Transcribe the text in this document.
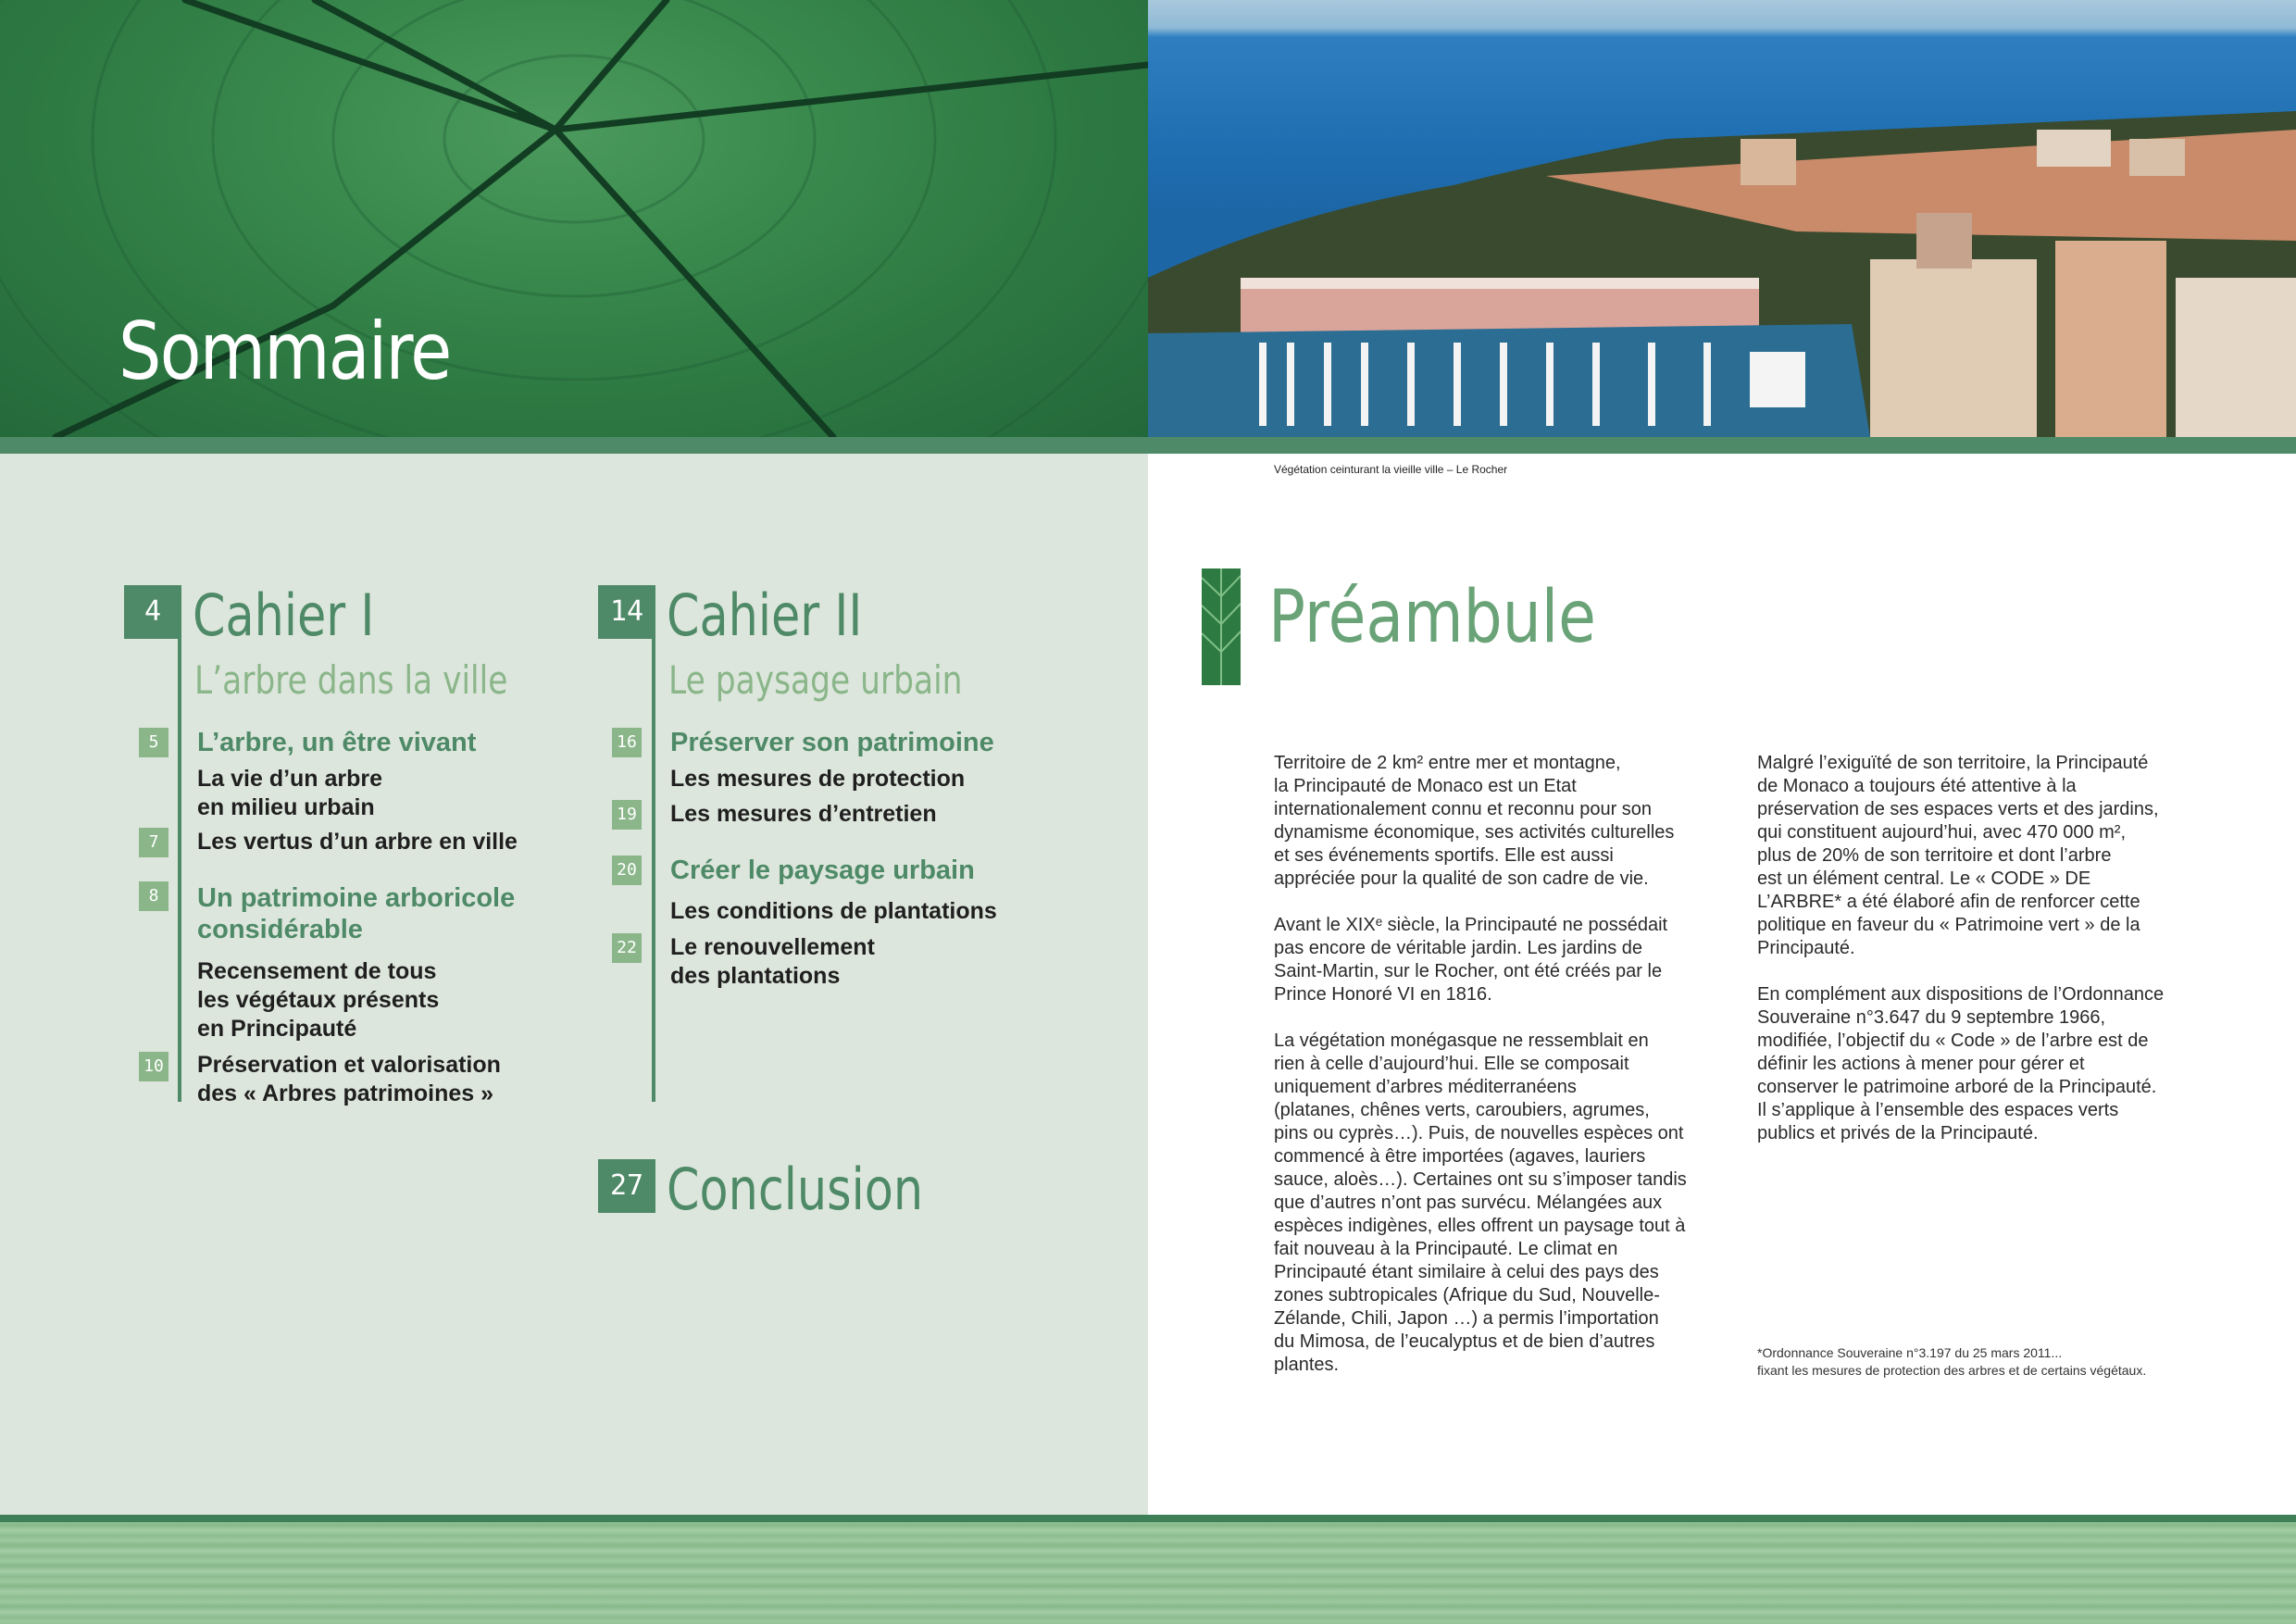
Sommaire
4 Cahier I
L’arbre dans la ville
5	L’arbre, un être vivant
La vie d’un arbre
en milieu urbain
7	Les vertus d’un arbre en ville
8	Un patrimoine arboricole
considérable
Recensement de tous
les végétaux présents
en Principauté
10 Préservation et valorisation
des « Arbres patrimoines »
14 Cahier II
Le paysage urbain
16 Préserver son patrimoine
Les mesures de protection
19 Les mesures d’entretien
20 Créer le paysage urbain
Les conditions de plantations
22 Le renouvellement
des plantations
27 Conclusion
Végétation ceinturant la vieille ville – Le Rocher
Préambule

Territoire de 2 km² entre mer et montagne,
la Principauté de Monaco est un Etat
internationalement connu et reconnu pour son
dynamisme économique, ses activités culturelles
et ses événements sportifs. Elle est aussi
appréciée pour la qualité de son cadre de vie.

Avant le XIXᵉ siècle, la Principauté ne possédait
pas encore de véritable jardin. Les jardins de
Saint-Martin, sur le Rocher, ont été créés par le
Prince Honoré VI en 1816.

La végétation monégasque ne ressemblait en
rien à celle d’aujourd’hui. Elle se composait
uniquement d’arbres méditerranéens
(platanes, chênes verts, caroubiers, agrumes,
pins ou cyprès…). Puis, de nouvelles espèces ont
commencé à être importées (agaves, lauriers
sauce, aloès…). Certaines ont su s’imposer tandis
que d’autres n’ont pas survécu. Mélangées aux
espèces indigènes, elles offrent un paysage tout à
fait nouveau à la Principauté. Le climat en
Principauté étant similaire à celui des pays des
zones subtropicales (Afrique du Sud, Nouvelle-
Zélande, Chili, Japon …) a permis l’importation
du Mimosa, de l’eucalyptus et de bien d’autres
plantes.

Malgré l’exiguïté de son territoire, la Principauté
de Monaco a toujours été attentive à la
préservation de ses espaces verts et des jardins,
qui constituent aujourd’hui, avec 470 000 m²,
plus de 20% de son territoire et dont l’arbre
est un élément central. Le « CODE » DE
L’ARBRE* a été élaboré afin de renforcer cette
politique en faveur du « Patrimoine vert » de la
Principauté.

En complément aux dispositions de l’Ordonnance
Souveraine n°3.647 du 9 septembre 1966,
modifiée, l’objectif du « Code » de l’arbre est de
définir les actions à mener pour gérer et
conserver le patrimoine arboré de la Principauté.
Il s’applique à l’ensemble des espaces verts
publics et privés de la Principauté.

*Ordonnance Souveraine n°3.197 du 25 mars 2011...
fixant les mesures de protection des arbres et de certains végétaux.
